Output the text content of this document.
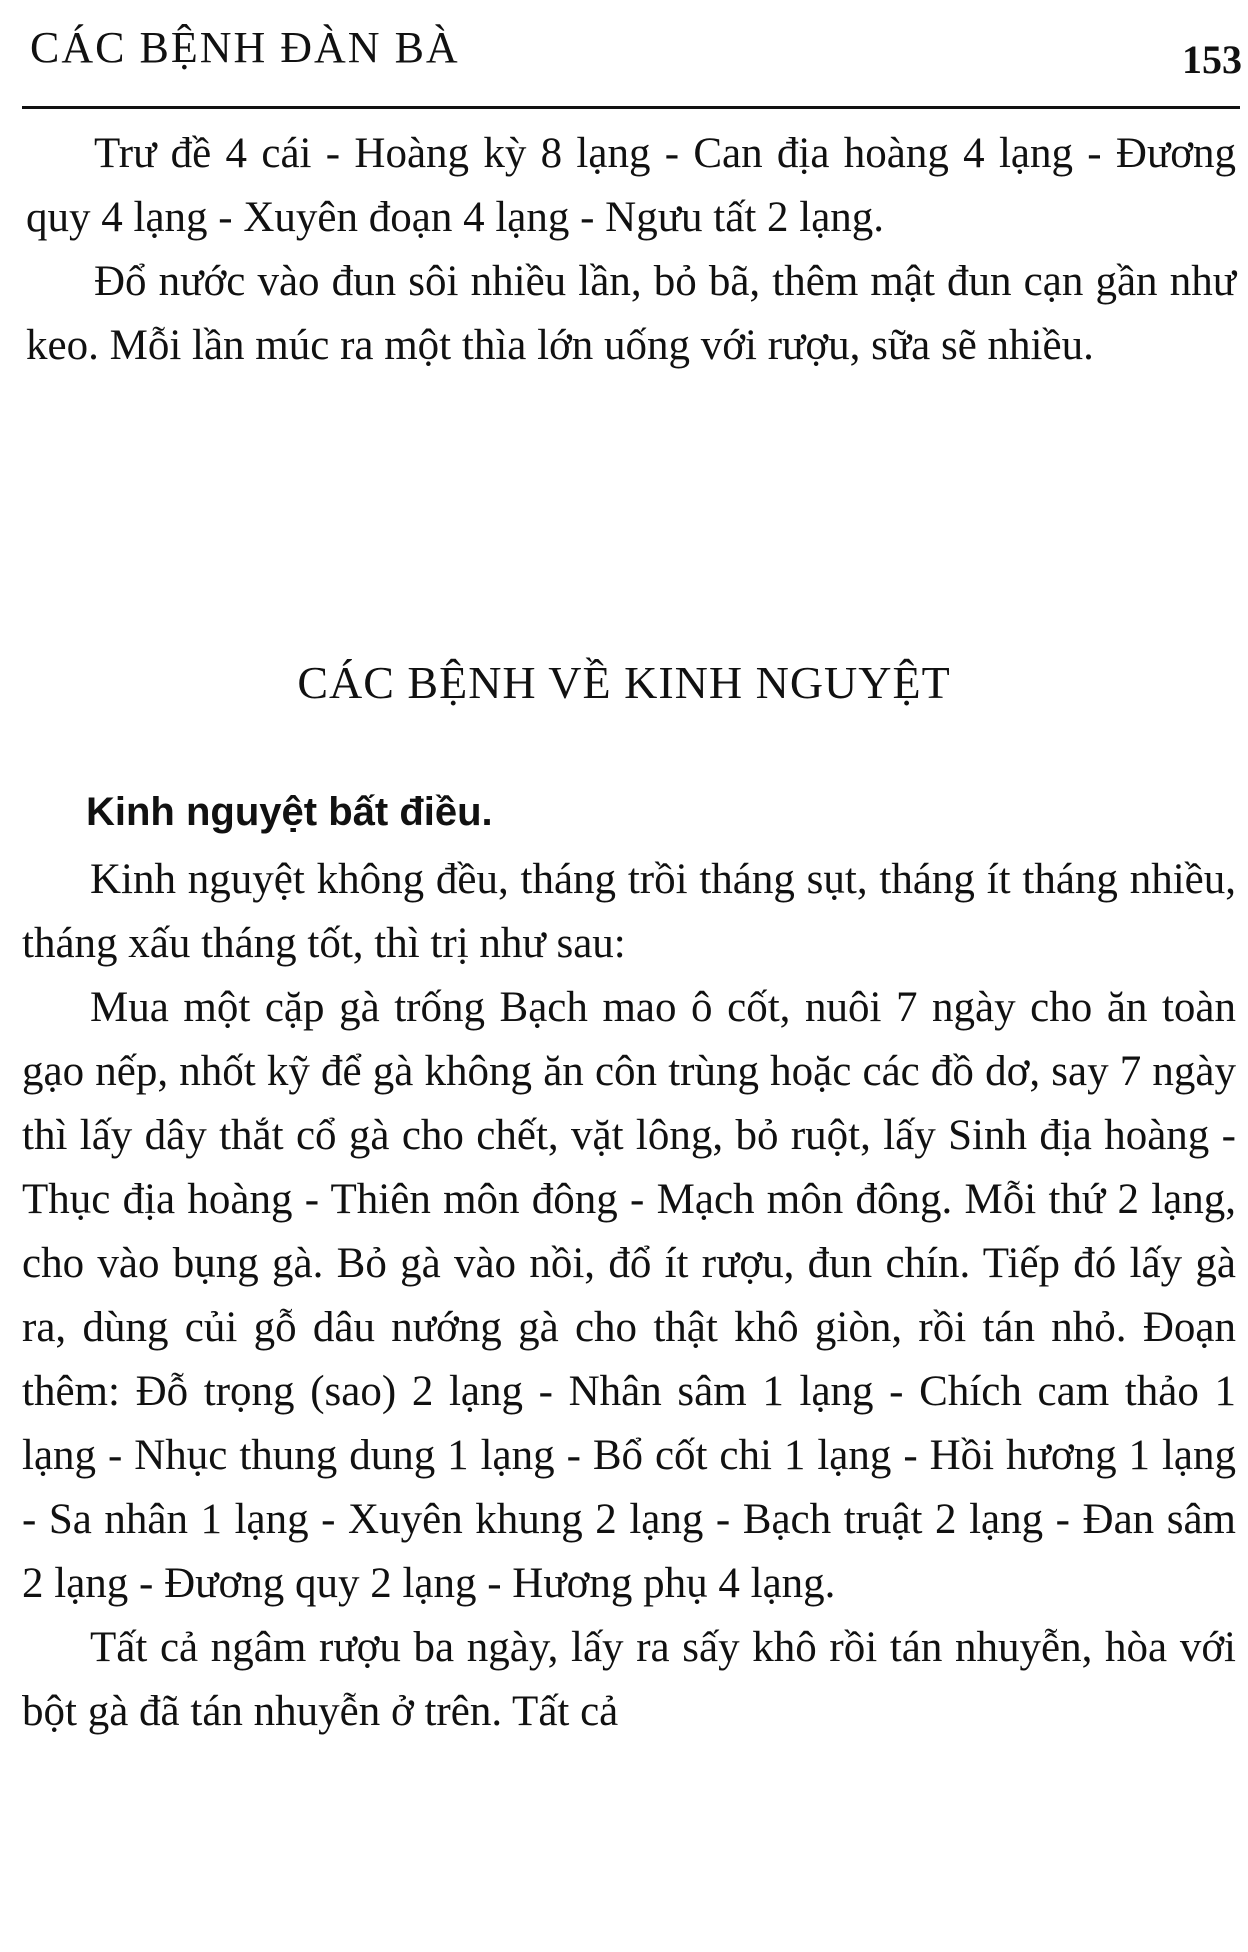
CÁC BỆNH ĐÀN BÀ	153

Trư đề 4 cái - Hoàng kỳ 8 lạng - Can địa hoàng 4 lạng - Đương quy 4 lạng - Xuyên đoạn 4 lạng - Ngưu tất 2 lạng.

Đổ nước vào đun sôi nhiều lần, bỏ bã, thêm mật đun cạn gần như keo. Mỗi lần múc ra một thìa lớn uống với rượu, sữa sẽ nhiều.

CÁC BỆNH VỀ KINH NGUYỆT
Kinh nguyệt bất điều.

Kinh nguyệt không đều, tháng trồi tháng sụt, tháng ít tháng nhiều, tháng xấu tháng tốt, thì trị như sau:

Mua một cặp gà trống Bạch mao ô cốt, nuôi 7 ngày cho ăn toàn gạo nếp, nhốt kỹ để gà không ăn côn trùng hoặc các đồ dơ, say 7 ngày thì lấy dây thắt cổ gà cho chết, vặt lông, bỏ ruột, lấy Sinh địa hoàng - Thục địa hoàng - Thiên môn đông - Mạch môn đông. Mỗi thứ 2 lạng, cho vào bụng gà. Bỏ gà vào nồi, đổ ít rượu, đun chín. Tiếp đó lấy gà ra, dùng củi gỗ dâu nướng gà cho thật khô giòn, rồi tán nhỏ. Đoạn thêm: Đỗ trọng (sao) 2 lạng - Nhân sâm 1 lạng - Chích cam thảo 1 lạng - Nhục thung dung 1 lạng - Bổ cốt chi 1 lạng - Hồi hương 1 lạng - Sa nhân 1 lạng - Xuyên khung 2 lạng - Bạch truật 2 lạng - Đan sâm 2 lạng - Đương quy 2 lạng - Hương phụ 4 lạng.

Tất cả ngâm rượu ba ngày, lấy ra sấy khô rồi tán nhuyễn, hòa với bột gà đã tán nhuyễn ở trên. Tất cả
